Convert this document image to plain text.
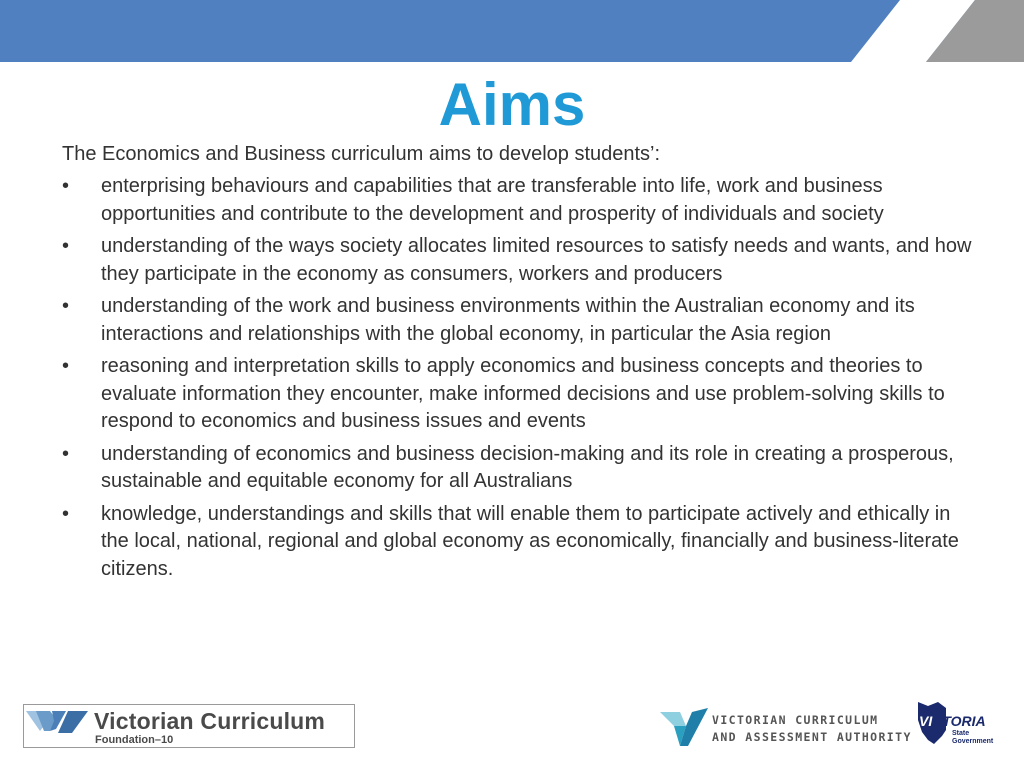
Aims

The Economics and Business curriculum aims to develop students’:

• enterprising behaviours and capabilities that are transferable into life, work and business opportunities and contribute to the development and prosperity of individuals and society
• understanding of the ways society allocates limited resources to satisfy needs and wants, and how they participate in the economy as consumers, workers and producers
• understanding of the work and business environments within the Australian economy and its interactions and relationships with the global economy, in particular the Asia region
• reasoning and interpretation skills to apply economics and business concepts and theories to evaluate information they encounter, make informed decisions and use problem-solving skills to respond to economics and business issues and events
• understanding of economics and business decision-making and its role in creating a prosperous, sustainable and equitable economy for all Australians
• knowledge, understandings and skills that will enable them to participate actively and ethically in the local, national, regional and global economy as economically, financially and business-literate citizens.
Victorian Curriculum
Foundation–10
VICTORIAN CURRICULUM
AND ASSESSMENT AUTHORITY
VICTORIA
State
Government
